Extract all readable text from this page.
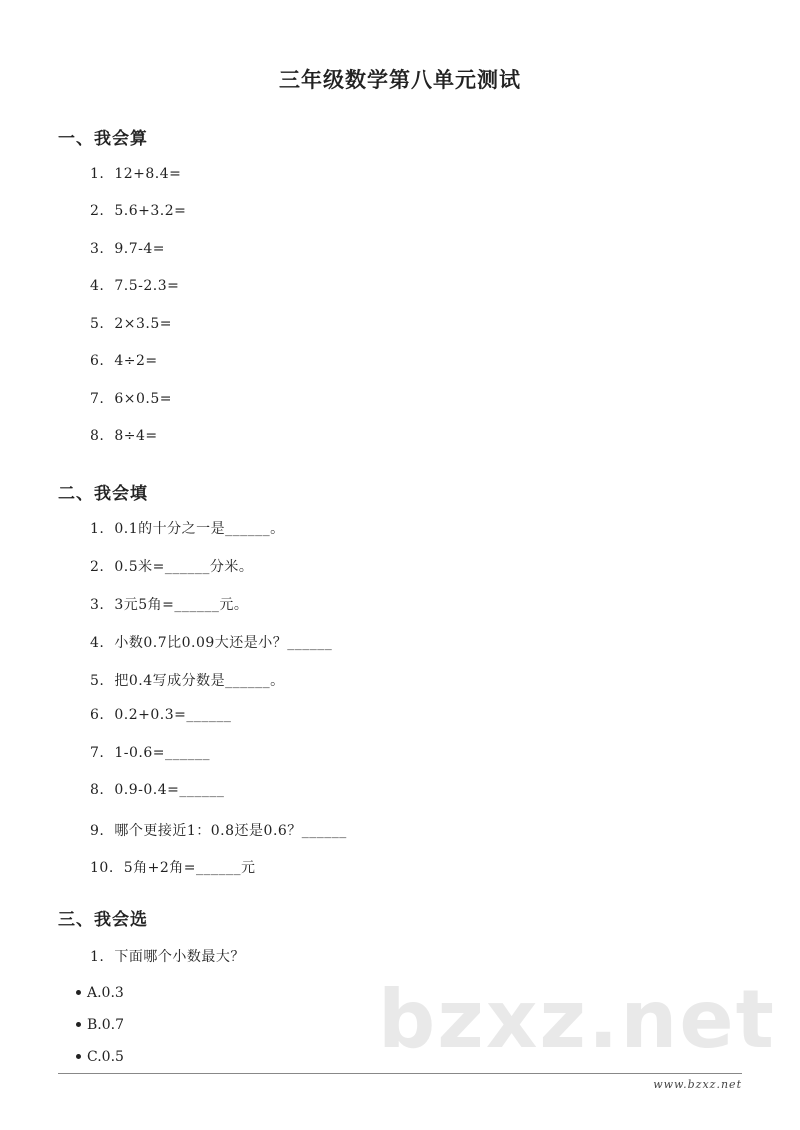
三年级数学第八单元测试
一、我会算
1. 12+8.4=
2. 5.6+3.2=
3. 9.7-4=
4. 7.5-2.3=
5. 2×3.5=
6. 4÷2=
7. 6×0.5=
8. 8÷4=
二、我会填
1. 0.1的十分之一是______。
2. 0.5米=______分米。
3. 3元5角=______元。
4. 小数0.7比0.09大还是小？______
5. 把0.4写成分数是______。
6. 0.2+0.3=______
7. 1-0.6=______
8. 0.9-0.4=______
9. 哪个更接近1：0.8还是0.6？______
10. 5角+2角=______元
三、我会选
1. 下面哪个小数最大？
bzxz.net
A.0.3
B.0.7
C.0.5
www.bzxz.net
